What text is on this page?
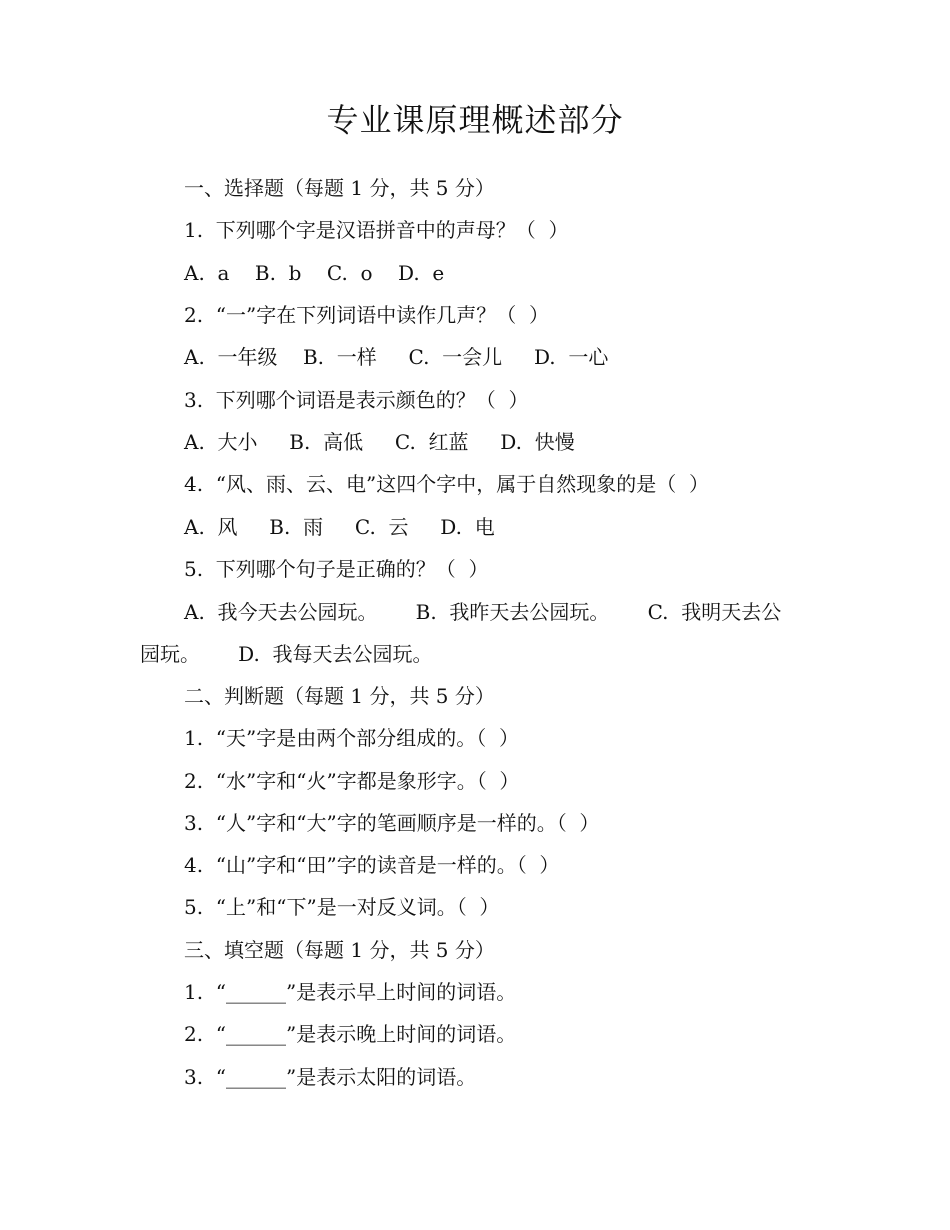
专业课原理概述部分
一、选择题（每题 1 分，共 5 分）
1.  下列哪个字是汉语拼音中的声母？（  ）
A.  a    B.  b    C.  o    D.  e
2.  “一”字在下列词语中读作几声？（  ）
A.  一年级    B.  一样     C.  一会儿     D.  一心
3.  下列哪个词语是表示颜色的？（  ）
A.  大小     B.  高低     C.  红蓝     D.  快慢
4.  “风、雨、云、电”这四个字中，属于自然现象的是（  ）
A.  风     B.  雨     C.  云     D.  电
5.  下列哪个句子是正确的？（  ）
A.  我今天去公园玩。      B.  我昨天去公园玩。      C.  我明天去公
园玩。      D.  我每天去公园玩。
二、判断题（每题 1 分，共 5 分）
1.  “天”字是由两个部分组成的。（  ）
2.  “水”字和“火”字都是象形字。（  ）
3.  “人”字和“大”字的笔画顺序是一样的。（  ）
4.  “山”字和“田”字的读音是一样的。（  ）
5.  “上”和“下”是一对反义词。（  ）
三、填空题（每题 1 分，共 5 分）
1.  “______”是表示早上时间的词语。
2.  “______”是表示晚上时间的词语。
3.  “______”是表示太阳的词语。
